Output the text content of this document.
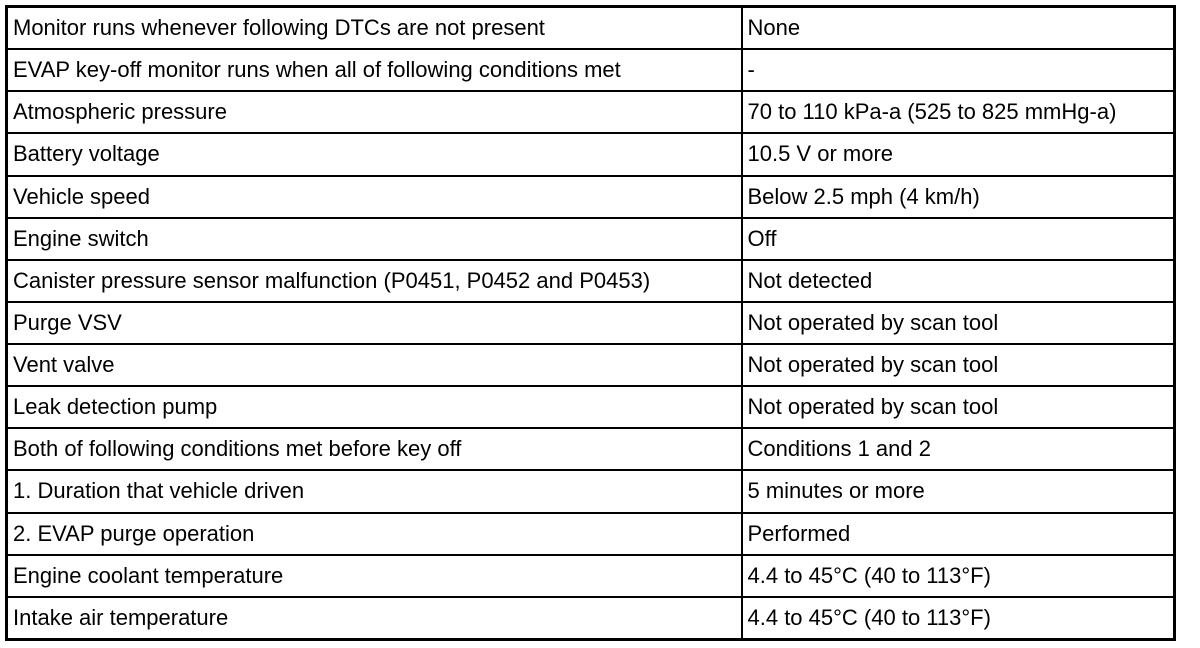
Monitor runs whenever following DTCs are not present	None
EVAP key-off monitor runs when all of following conditions met	-
Atmospheric pressure	70 to 110 kPa-a (525 to 825 mmHg-a)
Battery voltage	10.5 V or more
Vehicle speed	Below 2.5 mph (4 km/h)
Engine switch	Off
Canister pressure sensor malfunction (P0451, P0452 and P0453)	Not detected
Purge VSV	Not operated by scan tool
Vent valve	Not operated by scan tool
Leak detection pump	Not operated by scan tool
Both of following conditions met before key off	Conditions 1 and 2
1. Duration that vehicle driven	5 minutes or more
2. EVAP purge operation	Performed
Engine coolant temperature	4.4 to 45°C (40 to 113°F)
Intake air temperature	4.4 to 45°C (40 to 113°F)
